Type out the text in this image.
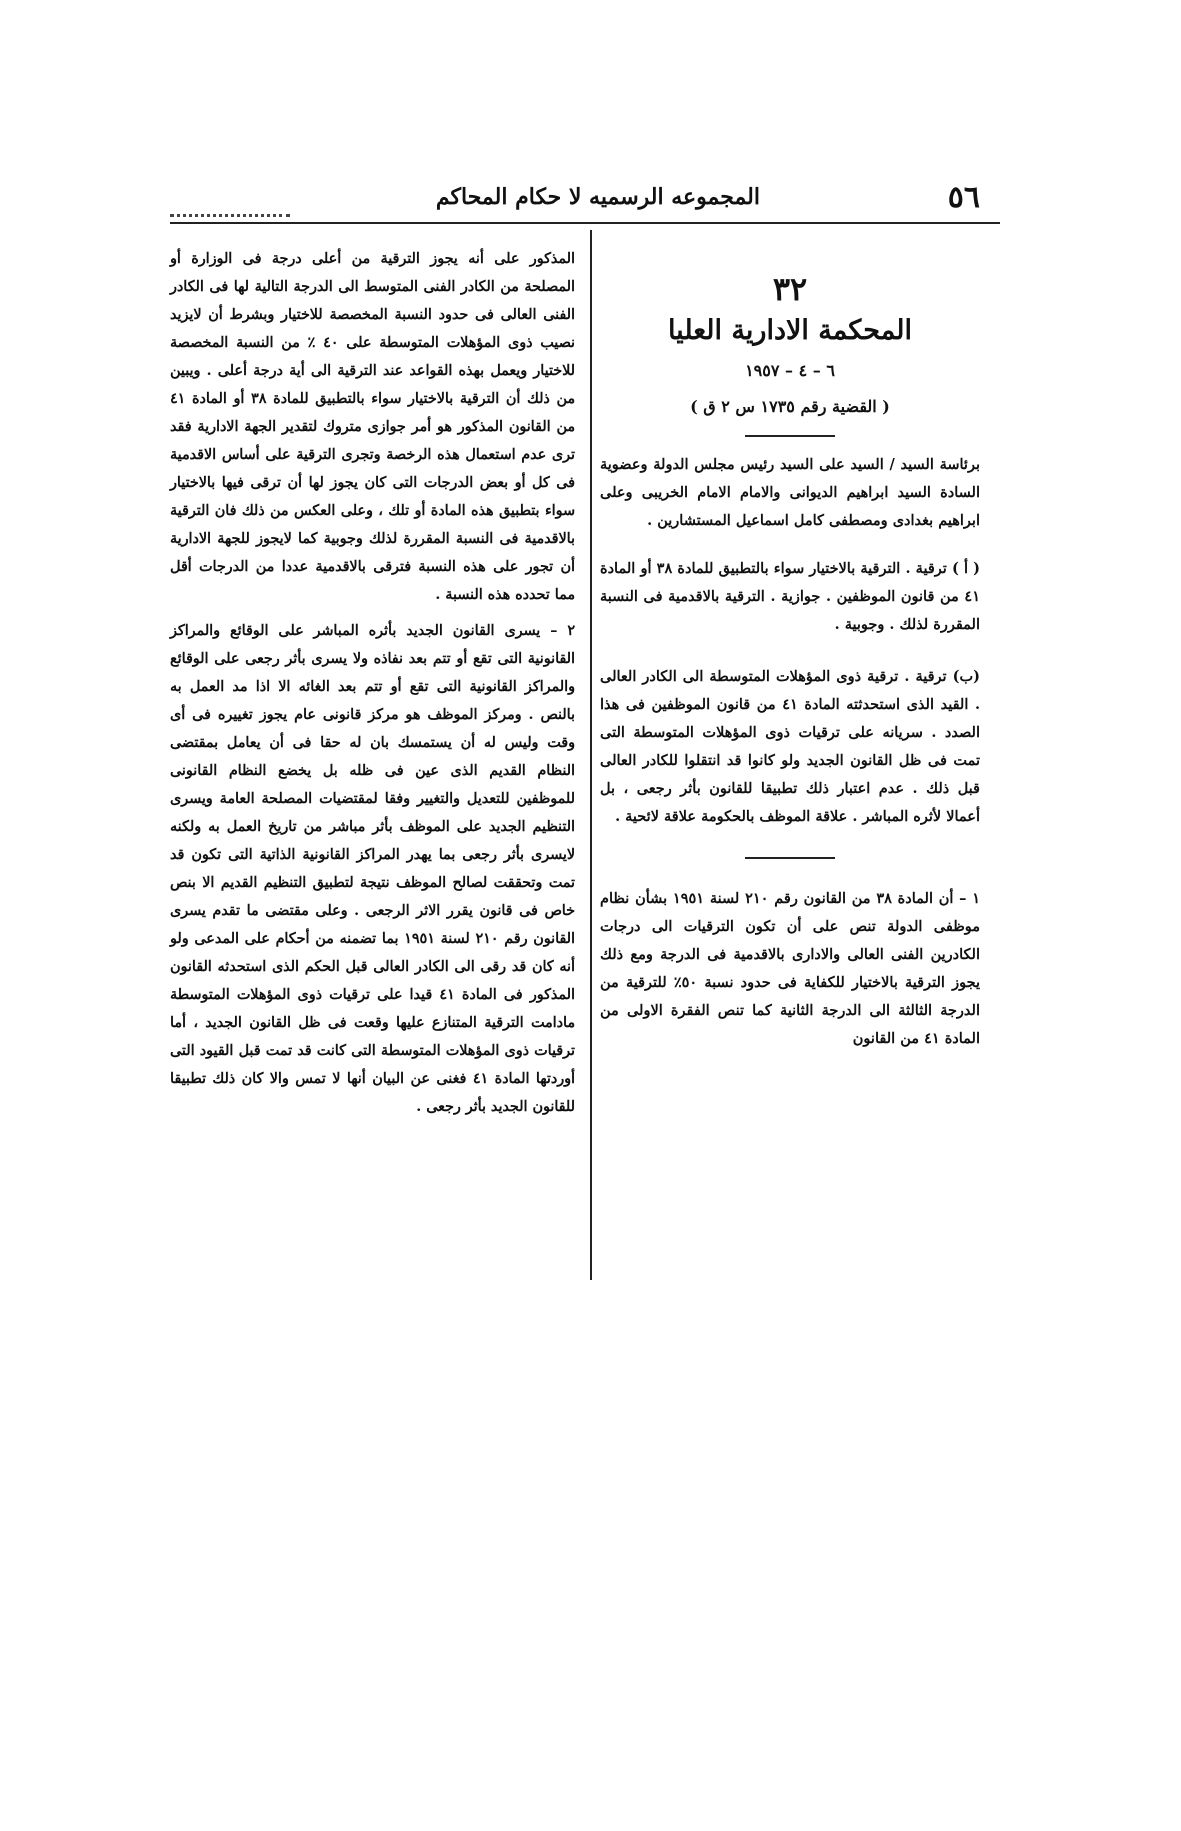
٥٦
المجموعه الرسميه لا حكام المحاكم
٣٢
المحكمة الادارية العليا
٦ – ٤ – ١٩٥٧
( القضية رقم ١٧٣٥ س ٢ ق )

برئاسة السيد / السيد على السيد رئيس مجلس الدولة وعضوية السادة السيد ابراهيم الديوانى والامام الامام الخريبى وعلى ابراهيم بغدادى ومصطفى كامل اسماعيل المستشارين .

( أ ) ترقية . الترقية بالاختيار سواء بالتطبيق للمادة ٣٨ أو المادة ٤١ من قانون الموظفين . جوازية . الترقية بالاقدمية فى النسبة المقررة لذلك . وجوبية .

(ب) ترقية . ترقية ذوى المؤهلات المتوسطة الى الكادر العالى . القيد الذى استحدثته المادة ٤١ من قانون الموظفين فى هذا الصدد . سريانه على ترقيات ذوى المؤهلات المتوسطة التى تمت فى ظل القانون الجديد ولو كانوا قد انتقلوا للكادر العالى قبل ذلك . عدم اعتبار ذلك تطبيقا للقانون بأثر رجعى ، بل أعمالا لأثره المباشر . علاقة الموظف بالحكومة علاقة لائحية .

١ – أن المادة ٣٨ من القانون رقم ٢١٠ لسنة ١٩٥١ بشأن نظام موظفى الدولة تنص على أن تكون الترقيات الى درجات الكادرين الفنى العالى والادارى بالاقدمية فى الدرجة ومع ذلك يجوز الترقية بالاختيار للكفاية فى حدود نسبة ٥٠٪ للترقية من الدرجة الثالثة الى الدرجة الثانية كما تنص الفقرة الاولى من المادة ٤١ من القانون

المذكور على أنه يجوز الترقية من أعلى درجة فى الوزارة أو المصلحة من الكادر الفنى المتوسط الى الدرجة التالية لها فى الكادر الفنى العالى فى حدود النسبة المخصصة للاختيار وبشرط أن لايزيد نصيب ذوى المؤهلات المتوسطة على ٤٠ ٪ من النسبة المخصصة للاختيار ويعمل بهذه القواعد عند الترقية الى أية درجة أعلى . ويبين من ذلك أن الترقية بالاختيار سواء بالتطبيق للمادة ٣٨ أو المادة ٤١ من القانون المذكور هو أمر جوازى متروك لتقدير الجهة الادارية فقد ترى عدم استعمال هذه الرخصة وتجرى الترقية على أساس الاقدمية فى كل أو بعض الدرجات التى كان يجوز لها أن ترقى فيها بالاختيار سواء بتطبيق هذه المادة أو تلك ، وعلى العكس من ذلك فان الترقية بالاقدمية فى النسبة المقررة لذلك وجوبية كما لايجوز للجهة الادارية أن تجور على هذه النسبة فترقى بالاقدمية عددا من الدرجات أقل مما تحدده هذه النسبة .

٢ – يسرى القانون الجديد بأثره المباشر على الوقائع والمراكز القانونية التى تقع أو تتم بعد نفاذه ولا يسرى بأثر رجعى على الوقائع والمراكز القانونية التى تقع أو تتم بعد الغائه الا اذا مد العمل به بالنص . ومركز الموظف هو مركز قانونى عام يجوز تغييره فى أى وقت وليس له أن يستمسك بان له حقا فى أن يعامل بمقتضى النظام القديم الذى عين فى ظله بل يخضع النظام القانونى للموظفين للتعديل والتغيير وفقا لمقتضيات المصلحة العامة ويسرى التنظيم الجديد على الموظف بأثر مباشر من تاريخ العمل به ولكنه لايسرى بأثر رجعى بما يهدر المراكز القانونية الذاتية التى تكون قد تمت وتحققت لصالح الموظف نتيجة لتطبيق التنظيم القديم الا بنص خاص فى قانون يقرر الاثر الرجعى . وعلى مقتضى ما تقدم يسرى القانون رقم ٢١٠ لسنة ١٩٥١ بما تضمنه من أحكام على المدعى ولو أنه كان قد رقى الى الكادر العالى قبل الحكم الذى استحدثه القانون المذكور فى المادة ٤١ قيدا على ترقيات ذوى المؤهلات المتوسطة مادامت الترقية المتنازع عليها وقعت فى ظل القانون الجديد ، أما ترقيات ذوى المؤهلات المتوسطة التى كانت قد تمت قبل القيود التى أوردتها المادة ٤١ فغنى عن البيان أنها لا تمس والا كان ذلك تطبيقا للقانون الجديد بأثر رجعى .
